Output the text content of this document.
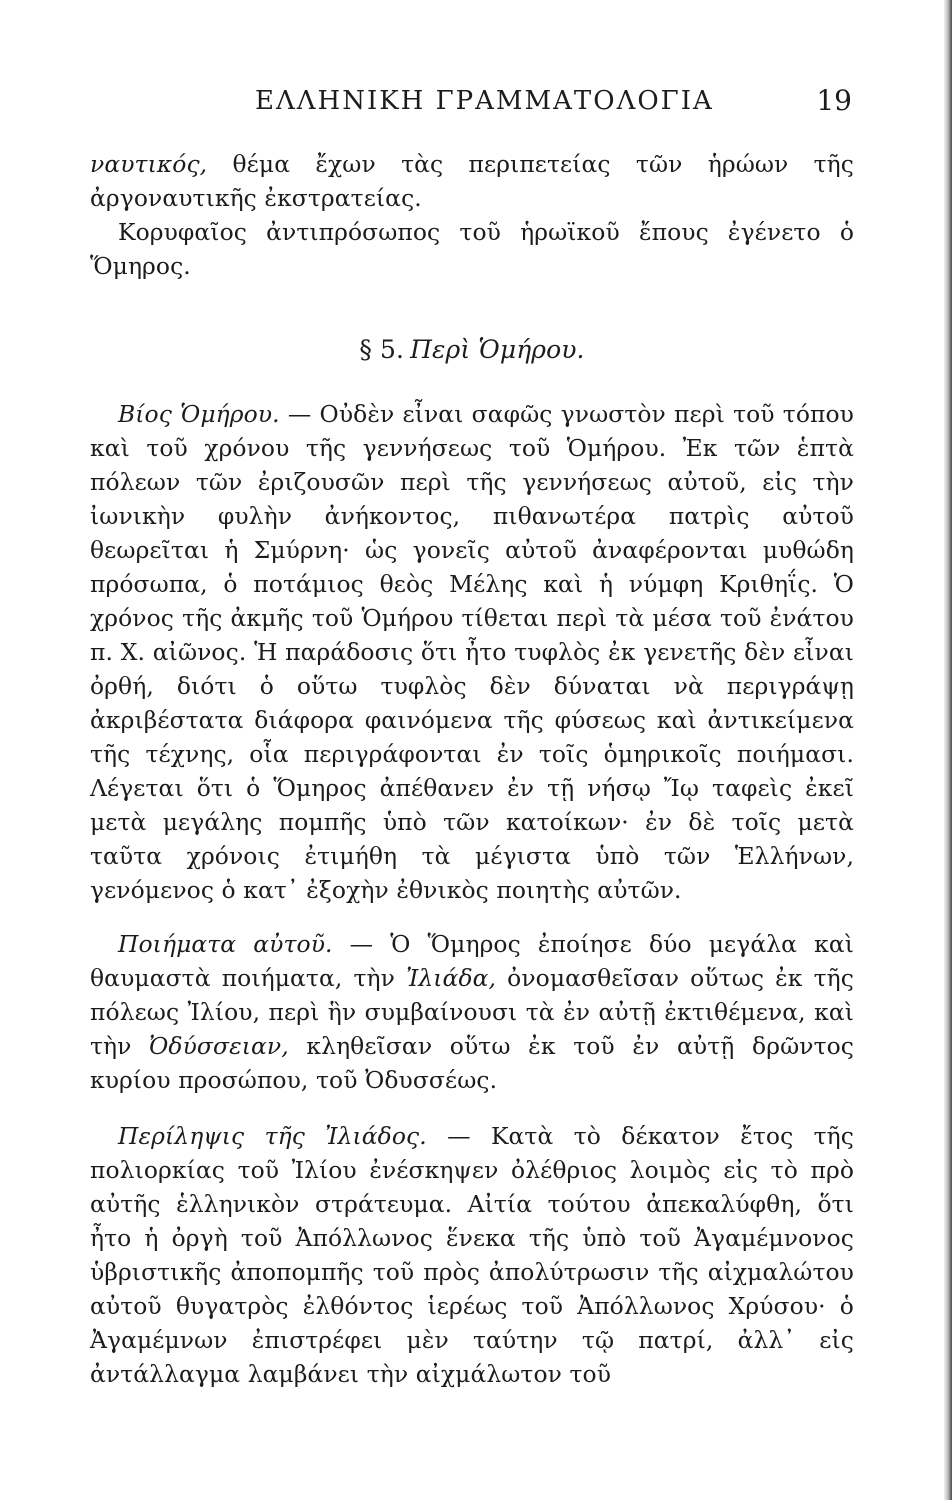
ΕΛΛΗΝΙΚΗ ΓΡΑΜΜΑΤΟΛΟΓΙΑ	19

ναυτικός, θέμα ἔχων τὰς περιπετείας τῶν ἡρώων τῆς ἀργοναυτικῆς ἐκστρατείας.

Κορυφαῖος ἀντιπρόσωπος τοῦ ἡρωϊκοῦ ἔπους ἐγένετο ὁ Ὅμηρος.

§ 5. Περὶ Ὁμήρου.

Βίος Ὁμήρου. — Οὐδὲν εἶναι σαφῶς γνωστὸν περὶ τοῦ τόπου καὶ τοῦ χρόνου τῆς γεννήσεως τοῦ Ὁμήρου. Ἐκ τῶν ἑπτὰ πόλεων τῶν ἐριζουσῶν περὶ τῆς γεννήσεως αὐτοῦ, εἰς τὴν ἰωνικὴν φυλὴν ἀνήκοντος, πιθανωτέρα πατρὶς αὐτοῦ θεωρεῖται ἡ Σμύρνη· ὡς γονεῖς αὐτοῦ ἀναφέρονται μυθώδη πρόσωπα, ὁ ποτάμιος θεὸς Μέλης καὶ ἡ νύμφη Κριθηΐς. Ὁ χρόνος τῆς ἀκμῆς τοῦ Ὁμήρου τίθεται περὶ τὰ μέσα τοῦ ἐνάτου π. Χ. αἰῶνος. Ἡ παράδοσις ὅτι ἦτο τυφλὸς ἐκ γενετῆς δὲν εἶναι ὀρθή, διότι ὁ οὕτω τυφλὸς δὲν δύναται νὰ περιγράψῃ ἀκριβέστατα διάφορα φαινόμενα τῆς φύσεως καὶ ἀντικείμενα τῆς τέχνης, οἷα περιγράφονται ἐν τοῖς ὁμηρικοῖς ποιήμασι. Λέγεται ὅτι ὁ Ὅμηρος ἀπέθανεν ἐν τῇ νήσῳ Ἴῳ ταφεὶς ἐκεῖ μετὰ μεγάλης πομπῆς ὑπὸ τῶν κατοίκων· ἐν δὲ τοῖς μετὰ ταῦτα χρόνοις ἐτιμήθη τὰ μέγιστα ὑπὸ τῶν Ἑλλήνων, γενόμενος ὁ κατ᾽ ἐξοχὴν ἐθνικὸς ποιητὴς αὐτῶν.

Ποιήματα αὐτοῦ. — Ὁ Ὅμηρος ἐποίησε δύο μεγάλα καὶ θαυμαστὰ ποιήματα, τὴν Ἰλιάδα, ὀνομασθεῖσαν οὕτως ἐκ τῆς πόλεως Ἰλίου, περὶ ἣν συμβαίνουσι τὰ ἐν αὐτῇ ἐκτιθέμενα, καὶ τὴν Ὀδύσσειαν, κληθεῖσαν οὕτω ἐκ τοῦ ἐν αὐτῇ δρῶντος κυρίου προσώπου, τοῦ Ὀδυσσέως.

Περίληψις τῆς Ἰλιάδος. — Κατὰ τὸ δέκατον ἔτος τῆς πολιορκίας τοῦ Ἰλίου ἐνέσκηψεν ὀλέθριος λοιμὸς εἰς τὸ πρὸ αὐτῆς ἑλληνικὸν στράτευμα. Αἰτία τούτου ἀπεκαλύφθη, ὅτι ἦτο ἡ ὀργὴ τοῦ Ἀπόλλωνος ἕνεκα τῆς ὑπὸ τοῦ Ἀγαμέμνονος ὑβριστικῆς ἀποπομπῆς τοῦ πρὸς ἀπολύτρωσιν τῆς αἰχμαλώτου αὐτοῦ θυγατρὸς ἐλθόντος ἱερέως τοῦ Ἀπόλλωνος Χρύσου· ὁ Ἀγαμέμνων ἐπιστρέφει μὲν ταύτην τῷ πατρί, ἀλλ᾽ εἰς ἀντάλλαγμα λαμβάνει τὴν αἰχμάλωτον τοῦ
